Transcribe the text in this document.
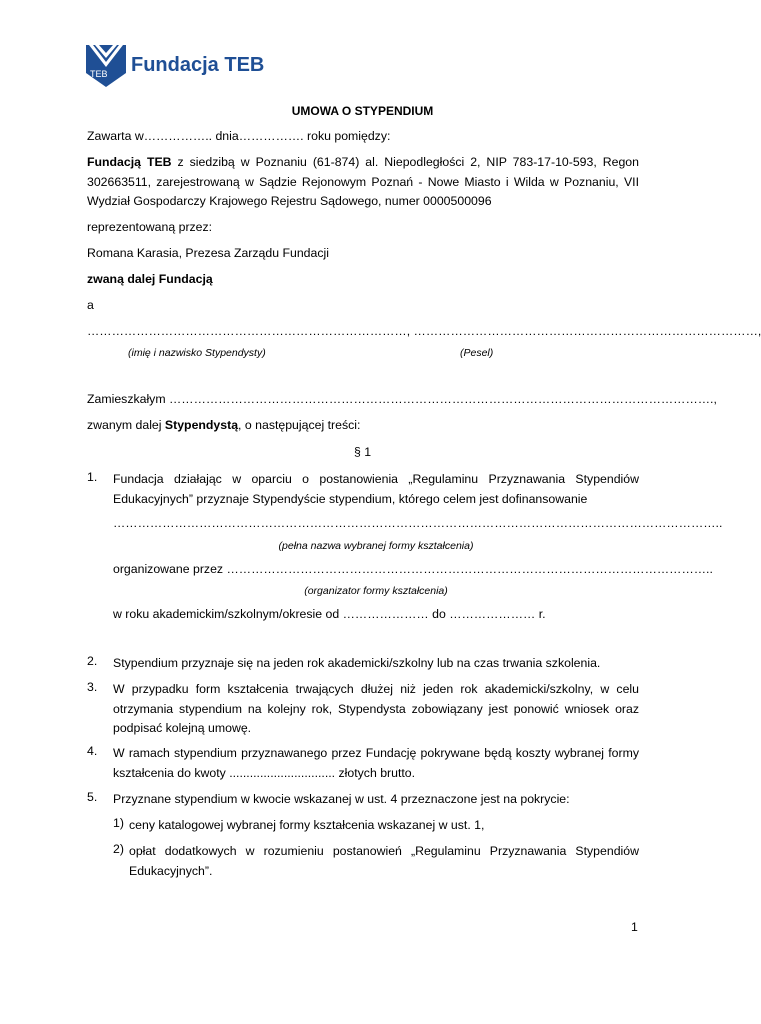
TEB Fundacja TEB
UMOWA O STYPENDIUM
Zawarta w…………….. dnia……………. roku pomiędzy:
Fundacją TEB z siedzibą w Poznaniu (61-874) al. Niepodległości 2, NIP 783-17-10-593, Regon 302663511, zarejestrowaną w Sądzie Rejonowym Poznań - Nowe Miasto i Wilda w Poznaniu, VII Wydział Gospodarczy Krajowego Rejestru Sądowego, numer 0000500096
reprezentowaną przez:
Romana Karasia, Prezesa Zarządu Fundacji
zwaną dalej Fundacją
a
……………………………………………………………………, …………………………………………………………………………,
(imię i nazwisko Stypendysty)	(Pesel)
Zamieszkałym …………………………………………………………………………………………………………………….,
zwanym dalej Stypendystą, o następującej treści:
§ 1
1. Fundacja działając w oparciu o postanowienia „Regulaminu Przyznawania Stypendiów Edukacyjnych” przyznaje Stypendyście stypendium, którego celem jest dofinansowanie
…………………………………………………………………………………………………………………………………..
(pełna nazwa wybranej formy kształcenia)
organizowane przez ………………………………………………………………………………………………………..
(organizator formy kształcenia)
w roku akademickim/szkolnym/okresie od ………………… do ………………… r.
2. Stypendium przyznaje się na jeden rok akademicki/szkolny lub na czas trwania szkolenia.
3. W przypadku form kształcenia trwających dłużej niż jeden rok akademicki/szkolny, w celu otrzymania stypendium na kolejny rok, Stypendysta zobowiązany jest ponowić wniosek oraz podpisać kolejną umowę.
4. W ramach stypendium przyznawanego przez Fundację pokrywane będą koszty wybranej formy kształcenia do kwoty ............................... złotych brutto.
5. Przyznane stypendium w kwocie wskazanej w ust. 4 przeznaczone jest na pokrycie:
1) ceny katalogowej wybranej formy kształcenia wskazanej w ust. 1,
2) opłat dodatkowych w rozumieniu postanowień „Regulaminu Przyznawania Stypendiów Edukacyjnych”.
1
